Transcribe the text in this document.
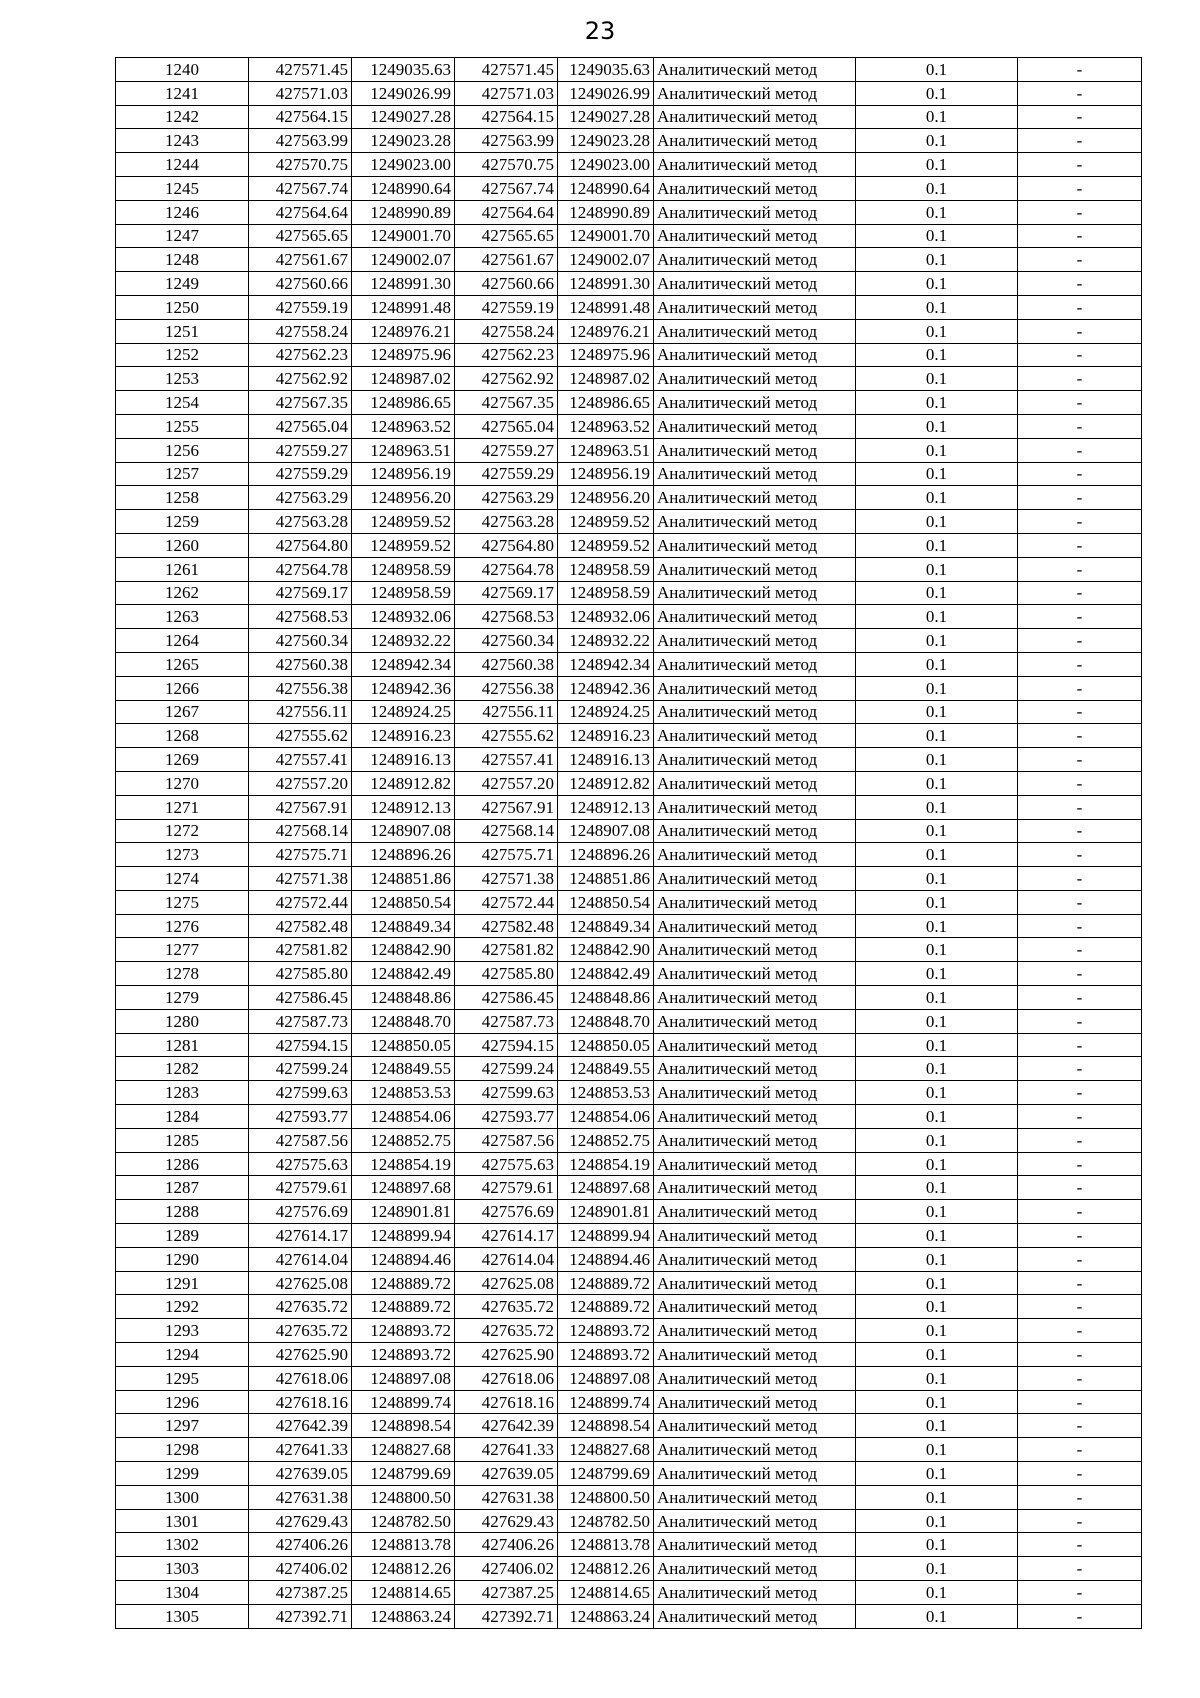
23
1240	427571.45	1249035.63	427571.45	1249035.63	Аналитический метод	0.1	-
1241	427571.03	1249026.99	427571.03	1249026.99	Аналитический метод	0.1	-
1242	427564.15	1249027.28	427564.15	1249027.28	Аналитический метод	0.1	-
1243	427563.99	1249023.28	427563.99	1249023.28	Аналитический метод	0.1	-
1244	427570.75	1249023.00	427570.75	1249023.00	Аналитический метод	0.1	-
1245	427567.74	1248990.64	427567.74	1248990.64	Аналитический метод	0.1	-
1246	427564.64	1248990.89	427564.64	1248990.89	Аналитический метод	0.1	-
1247	427565.65	1249001.70	427565.65	1249001.70	Аналитический метод	0.1	-
1248	427561.67	1249002.07	427561.67	1249002.07	Аналитический метод	0.1	-
1249	427560.66	1248991.30	427560.66	1248991.30	Аналитический метод	0.1	-
1250	427559.19	1248991.48	427559.19	1248991.48	Аналитический метод	0.1	-
1251	427558.24	1248976.21	427558.24	1248976.21	Аналитический метод	0.1	-
1252	427562.23	1248975.96	427562.23	1248975.96	Аналитический метод	0.1	-
1253	427562.92	1248987.02	427562.92	1248987.02	Аналитический метод	0.1	-
1254	427567.35	1248986.65	427567.35	1248986.65	Аналитический метод	0.1	-
1255	427565.04	1248963.52	427565.04	1248963.52	Аналитический метод	0.1	-
1256	427559.27	1248963.51	427559.27	1248963.51	Аналитический метод	0.1	-
1257	427559.29	1248956.19	427559.29	1248956.19	Аналитический метод	0.1	-
1258	427563.29	1248956.20	427563.29	1248956.20	Аналитический метод	0.1	-
1259	427563.28	1248959.52	427563.28	1248959.52	Аналитический метод	0.1	-
1260	427564.80	1248959.52	427564.80	1248959.52	Аналитический метод	0.1	-
1261	427564.78	1248958.59	427564.78	1248958.59	Аналитический метод	0.1	-
1262	427569.17	1248958.59	427569.17	1248958.59	Аналитический метод	0.1	-
1263	427568.53	1248932.06	427568.53	1248932.06	Аналитический метод	0.1	-
1264	427560.34	1248932.22	427560.34	1248932.22	Аналитический метод	0.1	-
1265	427560.38	1248942.34	427560.38	1248942.34	Аналитический метод	0.1	-
1266	427556.38	1248942.36	427556.38	1248942.36	Аналитический метод	0.1	-
1267	427556.11	1248924.25	427556.11	1248924.25	Аналитический метод	0.1	-
1268	427555.62	1248916.23	427555.62	1248916.23	Аналитический метод	0.1	-
1269	427557.41	1248916.13	427557.41	1248916.13	Аналитический метод	0.1	-
1270	427557.20	1248912.82	427557.20	1248912.82	Аналитический метод	0.1	-
1271	427567.91	1248912.13	427567.91	1248912.13	Аналитический метод	0.1	-
1272	427568.14	1248907.08	427568.14	1248907.08	Аналитический метод	0.1	-
1273	427575.71	1248896.26	427575.71	1248896.26	Аналитический метод	0.1	-
1274	427571.38	1248851.86	427571.38	1248851.86	Аналитический метод	0.1	-
1275	427572.44	1248850.54	427572.44	1248850.54	Аналитический метод	0.1	-
1276	427582.48	1248849.34	427582.48	1248849.34	Аналитический метод	0.1	-
1277	427581.82	1248842.90	427581.82	1248842.90	Аналитический метод	0.1	-
1278	427585.80	1248842.49	427585.80	1248842.49	Аналитический метод	0.1	-
1279	427586.45	1248848.86	427586.45	1248848.86	Аналитический метод	0.1	-
1280	427587.73	1248848.70	427587.73	1248848.70	Аналитический метод	0.1	-
1281	427594.15	1248850.05	427594.15	1248850.05	Аналитический метод	0.1	-
1282	427599.24	1248849.55	427599.24	1248849.55	Аналитический метод	0.1	-
1283	427599.63	1248853.53	427599.63	1248853.53	Аналитический метод	0.1	-
1284	427593.77	1248854.06	427593.77	1248854.06	Аналитический метод	0.1	-
1285	427587.56	1248852.75	427587.56	1248852.75	Аналитический метод	0.1	-
1286	427575.63	1248854.19	427575.63	1248854.19	Аналитический метод	0.1	-
1287	427579.61	1248897.68	427579.61	1248897.68	Аналитический метод	0.1	-
1288	427576.69	1248901.81	427576.69	1248901.81	Аналитический метод	0.1	-
1289	427614.17	1248899.94	427614.17	1248899.94	Аналитический метод	0.1	-
1290	427614.04	1248894.46	427614.04	1248894.46	Аналитический метод	0.1	-
1291	427625.08	1248889.72	427625.08	1248889.72	Аналитический метод	0.1	-
1292	427635.72	1248889.72	427635.72	1248889.72	Аналитический метод	0.1	-
1293	427635.72	1248893.72	427635.72	1248893.72	Аналитический метод	0.1	-
1294	427625.90	1248893.72	427625.90	1248893.72	Аналитический метод	0.1	-
1295	427618.06	1248897.08	427618.06	1248897.08	Аналитический метод	0.1	-
1296	427618.16	1248899.74	427618.16	1248899.74	Аналитический метод	0.1	-
1297	427642.39	1248898.54	427642.39	1248898.54	Аналитический метод	0.1	-
1298	427641.33	1248827.68	427641.33	1248827.68	Аналитический метод	0.1	-
1299	427639.05	1248799.69	427639.05	1248799.69	Аналитический метод	0.1	-
1300	427631.38	1248800.50	427631.38	1248800.50	Аналитический метод	0.1	-
1301	427629.43	1248782.50	427629.43	1248782.50	Аналитический метод	0.1	-
1302	427406.26	1248813.78	427406.26	1248813.78	Аналитический метод	0.1	-
1303	427406.02	1248812.26	427406.02	1248812.26	Аналитический метод	0.1	-
1304	427387.25	1248814.65	427387.25	1248814.65	Аналитический метод	0.1	-
1305	427392.71	1248863.24	427392.71	1248863.24	Аналитический метод	0.1	-
